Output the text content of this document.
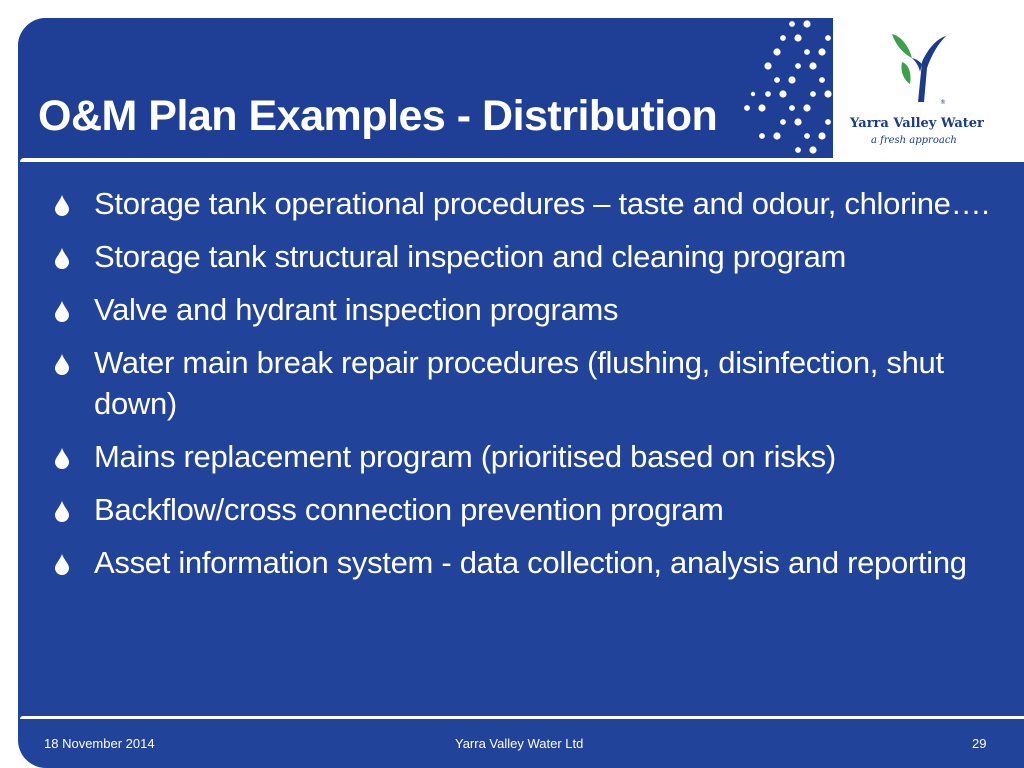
®
Yarra Valley Water
a fresh approach
O&M Plan Examples - Distribution
Storage tank operational procedures – taste and odour, chlorine….
Storage tank structural inspection and cleaning program
Valve and hydrant inspection programs
Water main break repair procedures (flushing, disinfection, shut down)
Mains replacement program (prioritised based on risks)
Backflow/cross connection prevention program
Asset information system - data collection, analysis and reporting
18 November 2014	Yarra Valley Water Ltd	29
